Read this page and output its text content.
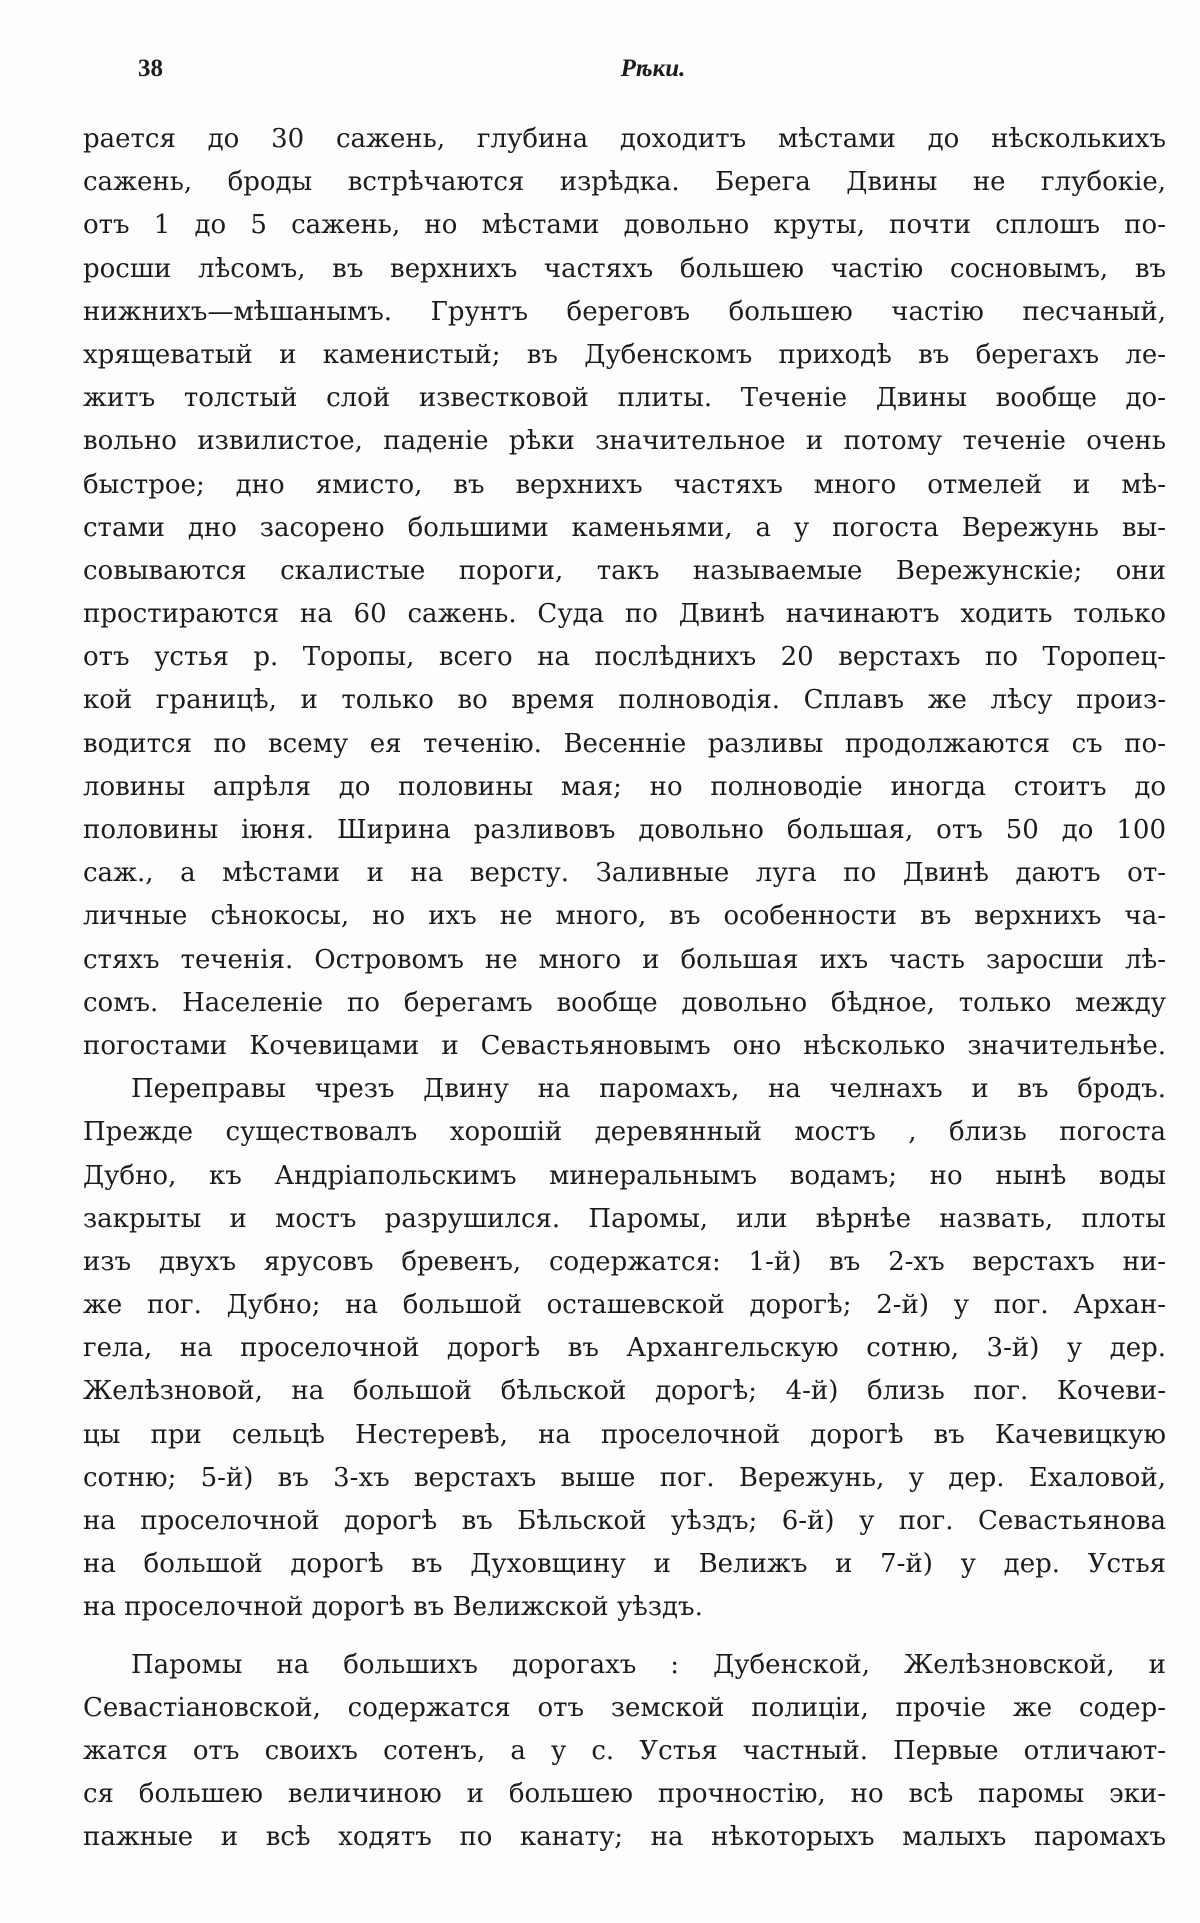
38	Рѣки.
рается до 30 сажень, глубина доходитъ мѣстами до нѣсколькихъ
сажень, броды встрѣчаются изрѣдка. Берега Двины не глубокіе,
отъ 1 до 5 сажень, но мѣстами довольно круты, почти сплошъ по-
росши лѣсомъ, въ верхнихъ частяхъ большею частію сосновымъ, въ
нижнихъ—мѣшанымъ. Грунтъ береговъ большею частію песчаный,
хрящеватый и каменистый; въ Дубенскомъ приходѣ въ берегахъ ле-
житъ толстый слой известковой плиты. Теченіе Двины вообще до-
вольно извилистое, паденіе рѣки значительное и потому теченіе очень
быстрое; дно ямисто, въ верхнихъ частяхъ много отмелей и мѣ-
стами дно засорено большими каменьями, а у погоста Вережунь вы-
совываются скалистые пороги, такъ называемые Вережунскіе; они
простираются на 60 сажень. Суда по Двинѣ начинаютъ ходить только
отъ устья р. Торопы, всего на послѣднихъ 20 верстахъ по Торопец-
кой границѣ, и только во время полноводія. Сплавъ же лѣсу произ-
водится по всему ея теченію. Весенніе разливы продолжаются съ по-
ловины апрѣля до половины мая; но полноводіе иногда стоитъ до
половины іюня. Ширина разливовъ довольно большая, отъ 50 до 100
саж., а мѣстами и на версту. Заливные луга по Двинѣ даютъ от-
личные сѣнокосы, но ихъ не много, въ особенности въ верхнихъ ча-
стяхъ теченія. Островомъ не много и большая ихъ часть заросши лѣ-
сомъ. Населеніе по берегамъ вообще довольно бѣдное, только между
погостами Кочевицами и Севастьяновымъ оно нѣсколько значительнѣе.
Переправы чрезъ Двину на паромахъ, на челнахъ и въ бродъ.
Прежде существовалъ хорошій деревянный мостъ , близь погоста
Дубно, къ Андріапольскимъ минеральнымъ водамъ; но нынѣ воды
закрыты и мостъ разрушился. Паромы, или вѣрнѣе назвать, плоты
изъ двухъ ярусовъ бревенъ, содержатся: 1-й) въ 2-хъ верстахъ ни-
же пог. Дубно; на большой осташевской дорогѣ; 2-й) у пог. Архан-
гела, на проселочной дорогѣ въ Архангельскую сотню, 3-й) у дер.
Желѣзновой, на большой бѣльской дорогѣ; 4-й) близь пог. Кочеви-
цы при сельцѣ Нестеревѣ, на проселочной дорогѣ въ Качевицкую
сотню; 5-й) въ 3-хъ верстахъ выше пог. Вережунь, у дер. Ехаловой,
на проселочной дорогѣ въ Бѣльской уѣздъ; 6-й) у пог. Севастьянова
на большой дорогѣ въ Духовщину и Велижъ и 7-й) у дер. Устья
на проселочной дорогѣ въ Велижской уѣздъ.
Паромы на большихъ дорогахъ : Дубенской, Желѣзновской, и
Севастіановской, содержатся отъ земской полиціи, прочіе же содер-
жатся отъ своихъ сотенъ, а у с. Устья частный. Первые отличают-
ся большею величиною и большею прочностію, но всѣ паромы эки-
пажные и всѣ ходятъ по канату; на нѣкоторыхъ малыхъ паромахъ
